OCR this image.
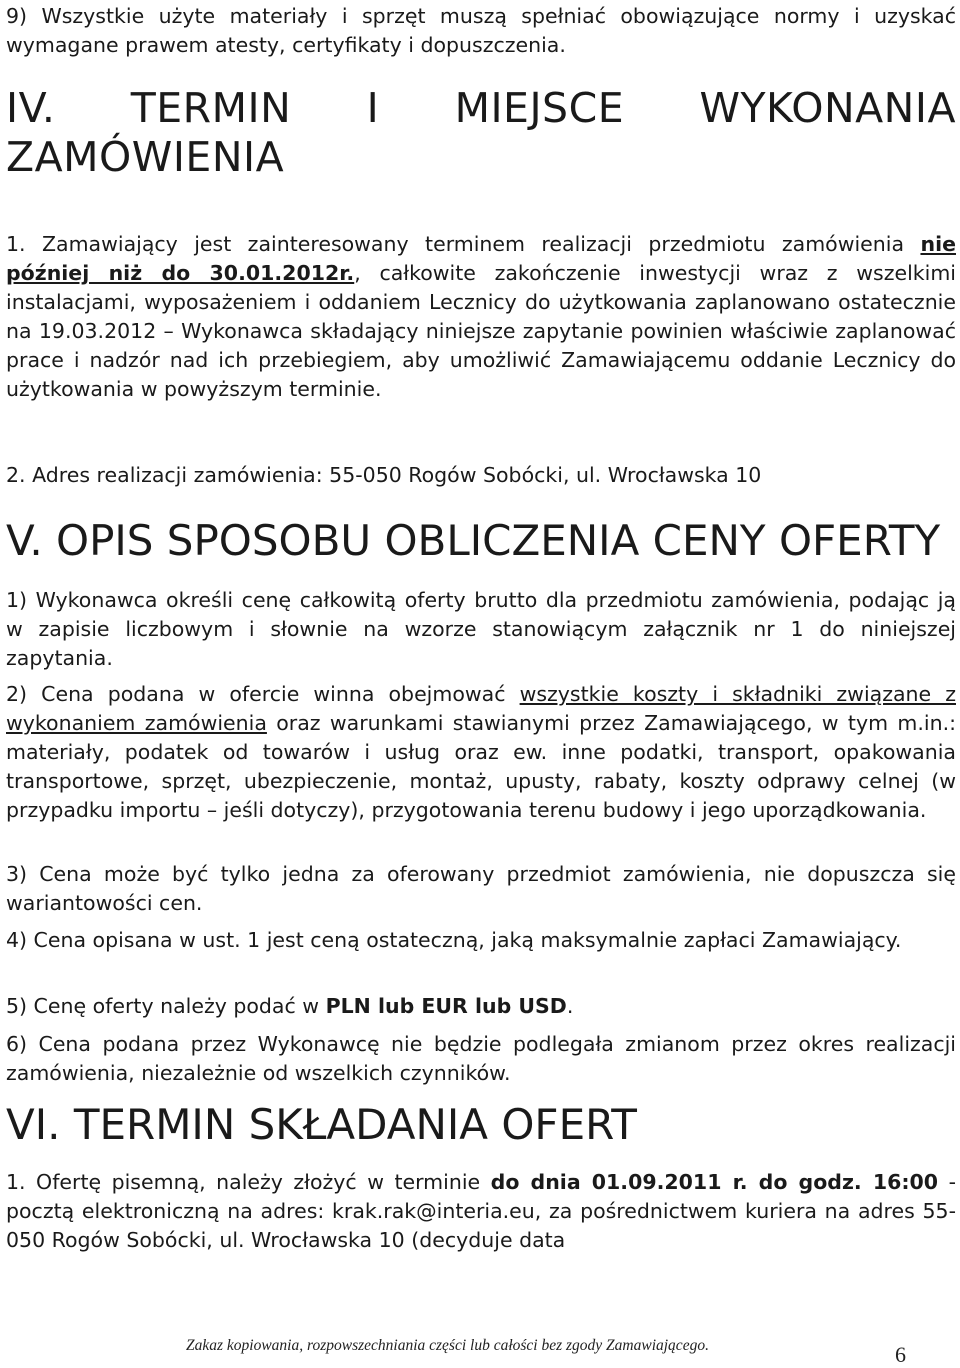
9) Wszystkie użyte materiały i sprzęt muszą spełniać obowiązujące normy i uzyskać wymagane prawem atesty, certyfikaty i dopuszczenia.

IV. TERMIN I MIEJSCE WYKONANIA
ZAMÓWIENIA

1. Zamawiający jest zainteresowany terminem realizacji przedmiotu zamówienia nie później niż do 30.01.2012r., całkowite zakończenie inwestycji wraz z wszelkimi instalacjami, wyposażeniem i oddaniem Lecznicy do użytkowania zaplanowano ostatecznie na 19.03.2012 – Wykonawca składający niniejsze zapytanie powinien właściwie zaplanować prace i nadzór nad ich przebiegiem, aby umożliwić Zamawiającemu oddanie Lecznicy do użytkowania w powyższym terminie.

2. Adres realizacji zamówienia: 55-050 Rogów Sobócki, ul. Wrocławska 10

V. OPIS SPOSOBU OBLICZENIA CENY OFERTY

1) Wykonawca określi cenę całkowitą oferty brutto dla przedmiotu zamówienia, podając ją w zapisie liczbowym i słownie na wzorze stanowiącym załącznik nr 1 do niniejszej zapytania.

2) Cena podana w ofercie winna obejmować wszystkie koszty i składniki związane z wykonaniem zamówienia oraz warunkami stawianymi przez Zamawiającego, w tym m.in.: materiały, podatek od towarów i usług oraz ew. inne podatki, transport, opakowania transportowe, sprzęt, ubezpieczenie, montaż, upusty, rabaty, koszty odprawy celnej (w przypadku importu – jeśli dotyczy), przygotowania terenu budowy i jego uporządkowania.

3) Cena może być tylko jedna za oferowany przedmiot zamówienia, nie dopuszcza się wariantowości cen.

4) Cena opisana w ust. 1 jest ceną ostateczną, jaką maksymalnie zapłaci Zamawiający.

5) Cenę oferty należy podać w PLN lub EUR lub USD.

6) Cena podana przez Wykonawcę nie będzie podlegała zmianom przez okres realizacji zamówienia, niezależnie od wszelkich czynników.

VI. TERMIN SKŁADANIA OFERT

1. Ofertę pisemną, należy złożyć w terminie do dnia 01.09.2011 r. do godz. 16:00 - pocztą elektroniczną na adres: krak.rak@interia.eu, za pośrednictwem kuriera na adres 55-050 Rogów Sobócki, ul. Wrocławska 10 (decyduje data

Zakaz kopiowania, rozpowszechniania części lub całości bez zgody Zamawiającego.	6
